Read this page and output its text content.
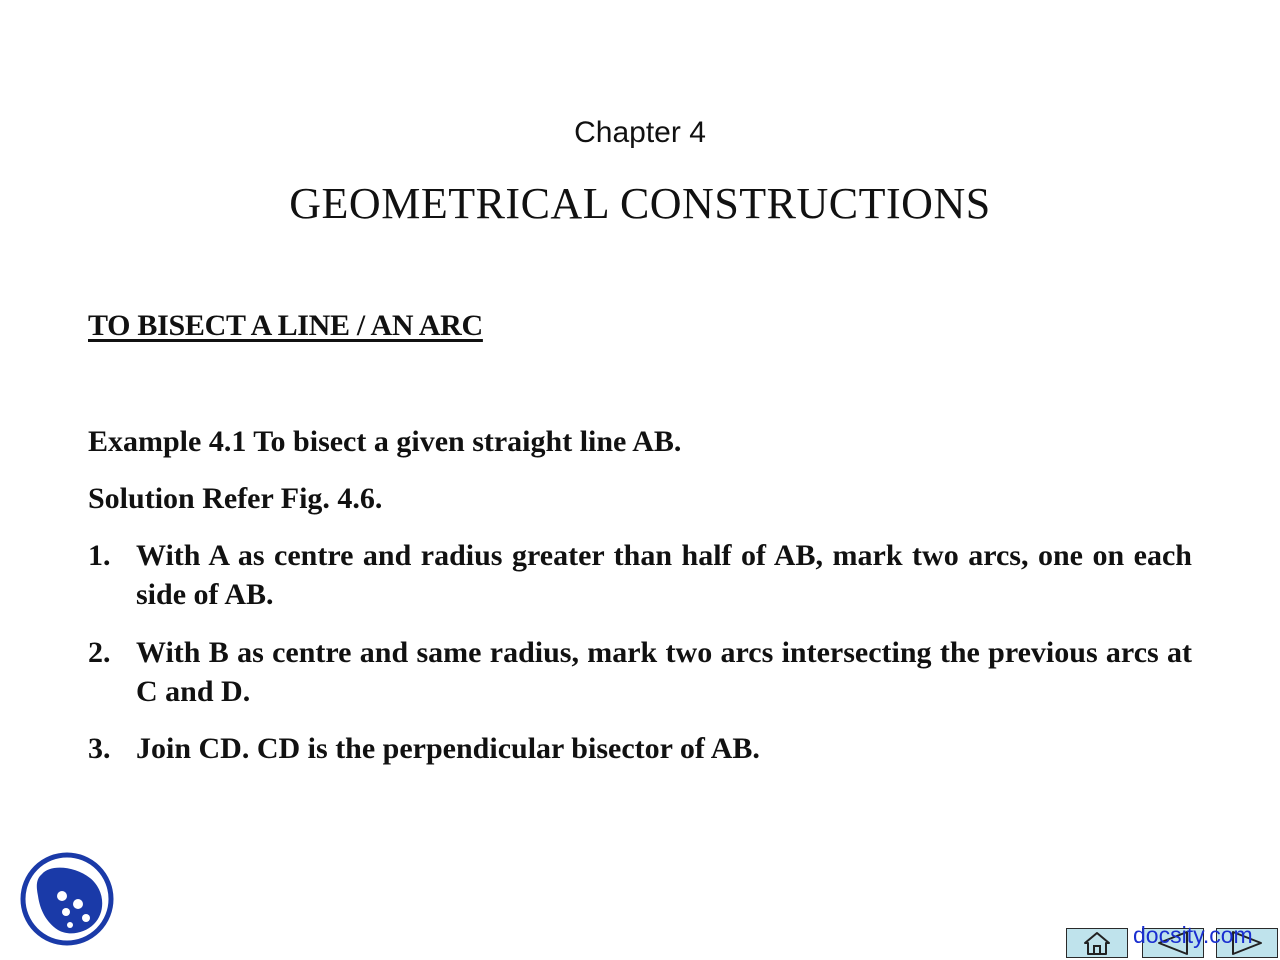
Chapter 4
GEOMETRICAL CONSTRUCTIONS
TO BISECT A LINE / AN ARC
Example 4.1 To bisect a given straight line AB.
Solution Refer Fig. 4.6.
1. With A as centre and radius greater than half of AB, mark two arcs, one on each side of AB.
2. With B as centre and same radius, mark two arcs intersecting the previous arcs at C and D.
3. Join CD. CD is the perpendicular bisector of AB.
docsity.com
